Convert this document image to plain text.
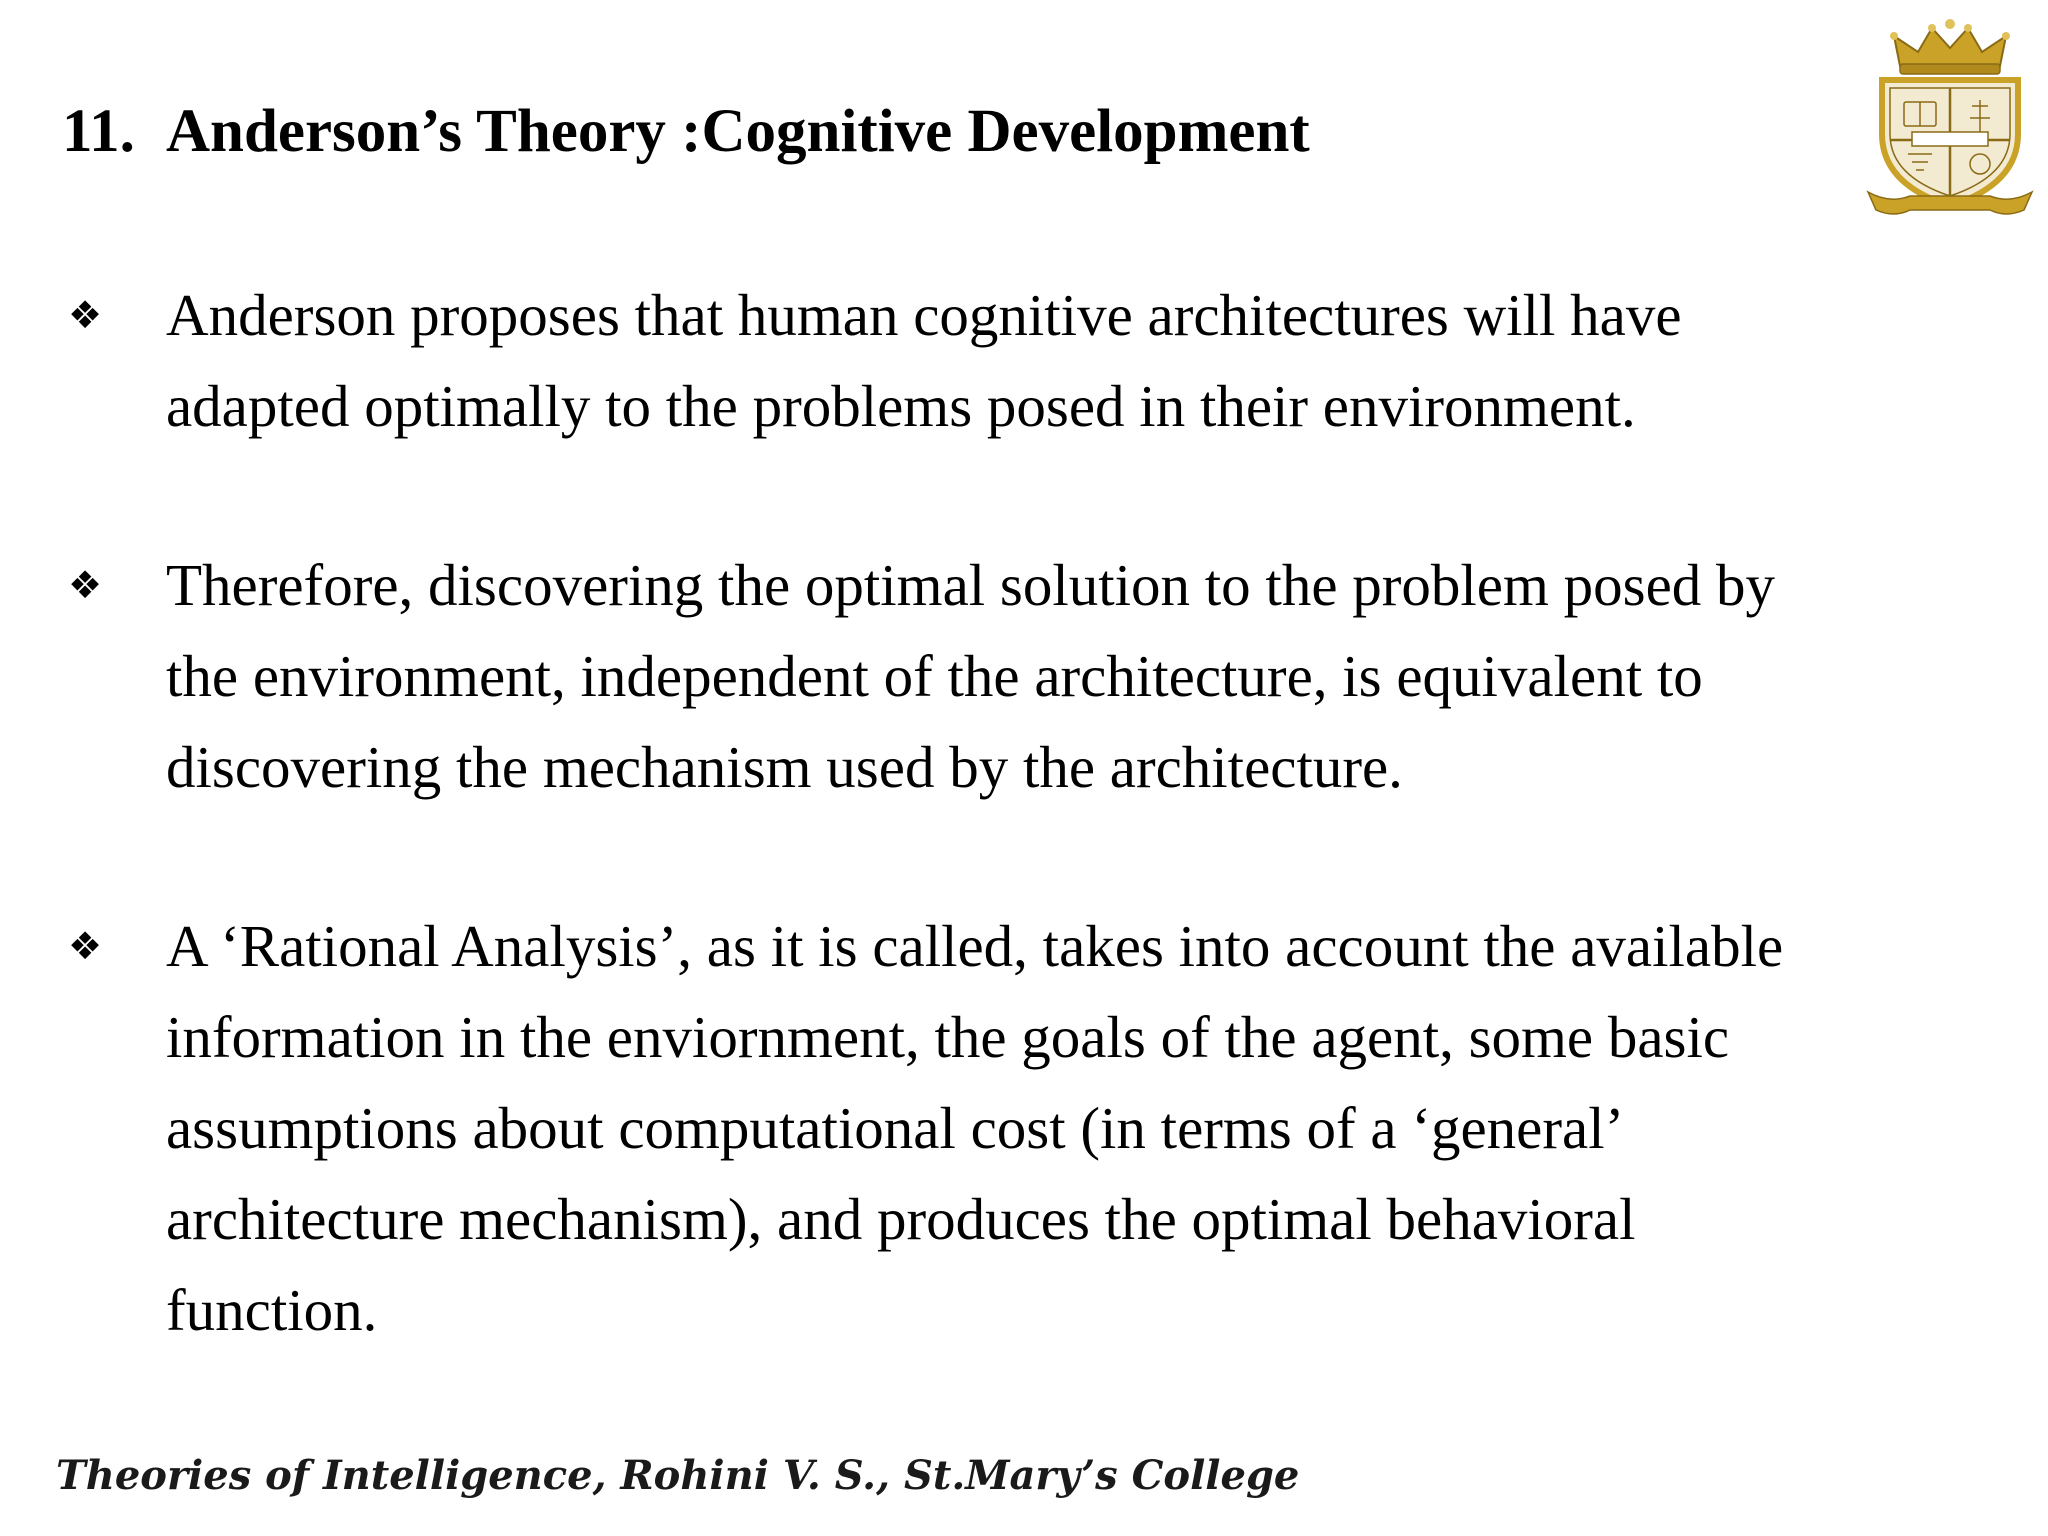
11. Anderson’s Theory :Cognitive Development
❖ Anderson proposes that human cognitive architectures will have
adapted optimally to the problems posed in their environment.
❖ Therefore, discovering the optimal solution to the problem posed by
the environment, independent of the architecture, is equivalent to
discovering the mechanism used by the architecture.
❖ A ‘Rational Analysis’, as it is called, takes into account the available
information in the enviornment, the goals of the agent, some basic
assumptions about computational cost (in terms of a ‘general’
architecture mechanism), and produces the optimal behavioral
function.

Theories of Intelligence, Rohini V. S., St.Mary’s College
